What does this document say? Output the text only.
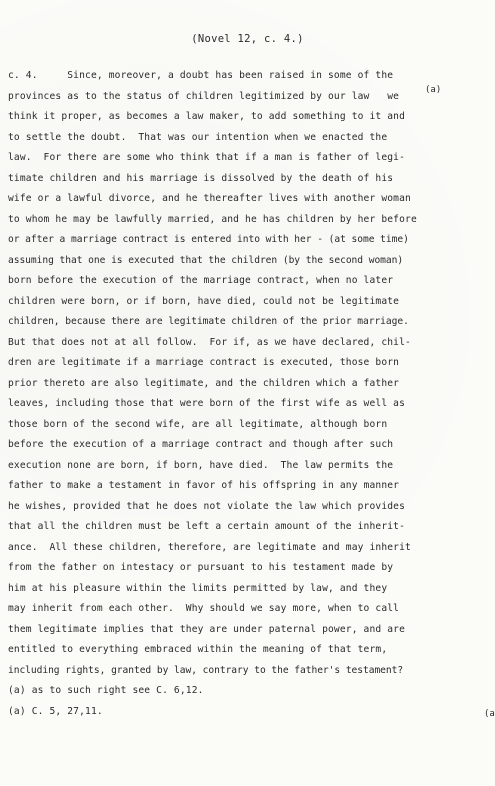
(Novel 12, c. 4.)
(a)
(a
c. 4.     Since, moreover, a doubt has been raised in some of the
provinces as to the status of children legitimized by our law   we
think it proper, as becomes a law maker, to add something to it and
to settle the doubt.  That was our intention when we enacted the
law.  For there are some who think that if a man is father of legi-
timate children and his marriage is dissolved by the death of his
wife or a lawful divorce, and he thereafter lives with another woman
to whom he may be lawfully married, and he has children by her before
or after a marriage contract is entered into with her - (at some time)
assuming that one is executed that the children (by the second woman)
born before the execution of the marriage contract, when no later
children were born, or if born, have died, could not be legitimate
children, because there are legitimate children of the prior marriage.
But that does not at all follow.  For if, as we have declared, chil-
dren are legitimate if a marriage contract is executed, those born
prior thereto are also legitimate, and the children which a father
leaves, including those that were born of the first wife as well as
those born of the second wife, are all legitimate, although born
before the execution of a marriage contract and though after such
execution none are born, if born, have died.  The law permits the
father to make a testament in favor of his offspring in any manner
he wishes, provided that he does not violate the law which provides
that all the children must be left a certain amount of the inherit-
ance.  All these children, therefore, are legitimate and may inherit
from the father on intestacy or pursuant to his testament made by
him at his pleasure within the limits permitted by law, and they
may inherit from each other.  Why should we say more, when to call
them legitimate implies that they are under paternal power, and are
entitled to everything embraced within the meaning of that term,
including rights, granted by law, contrary to the father's testament?
(a) as to such right see C. 6,12.
(a) C. 5, 27,11.
